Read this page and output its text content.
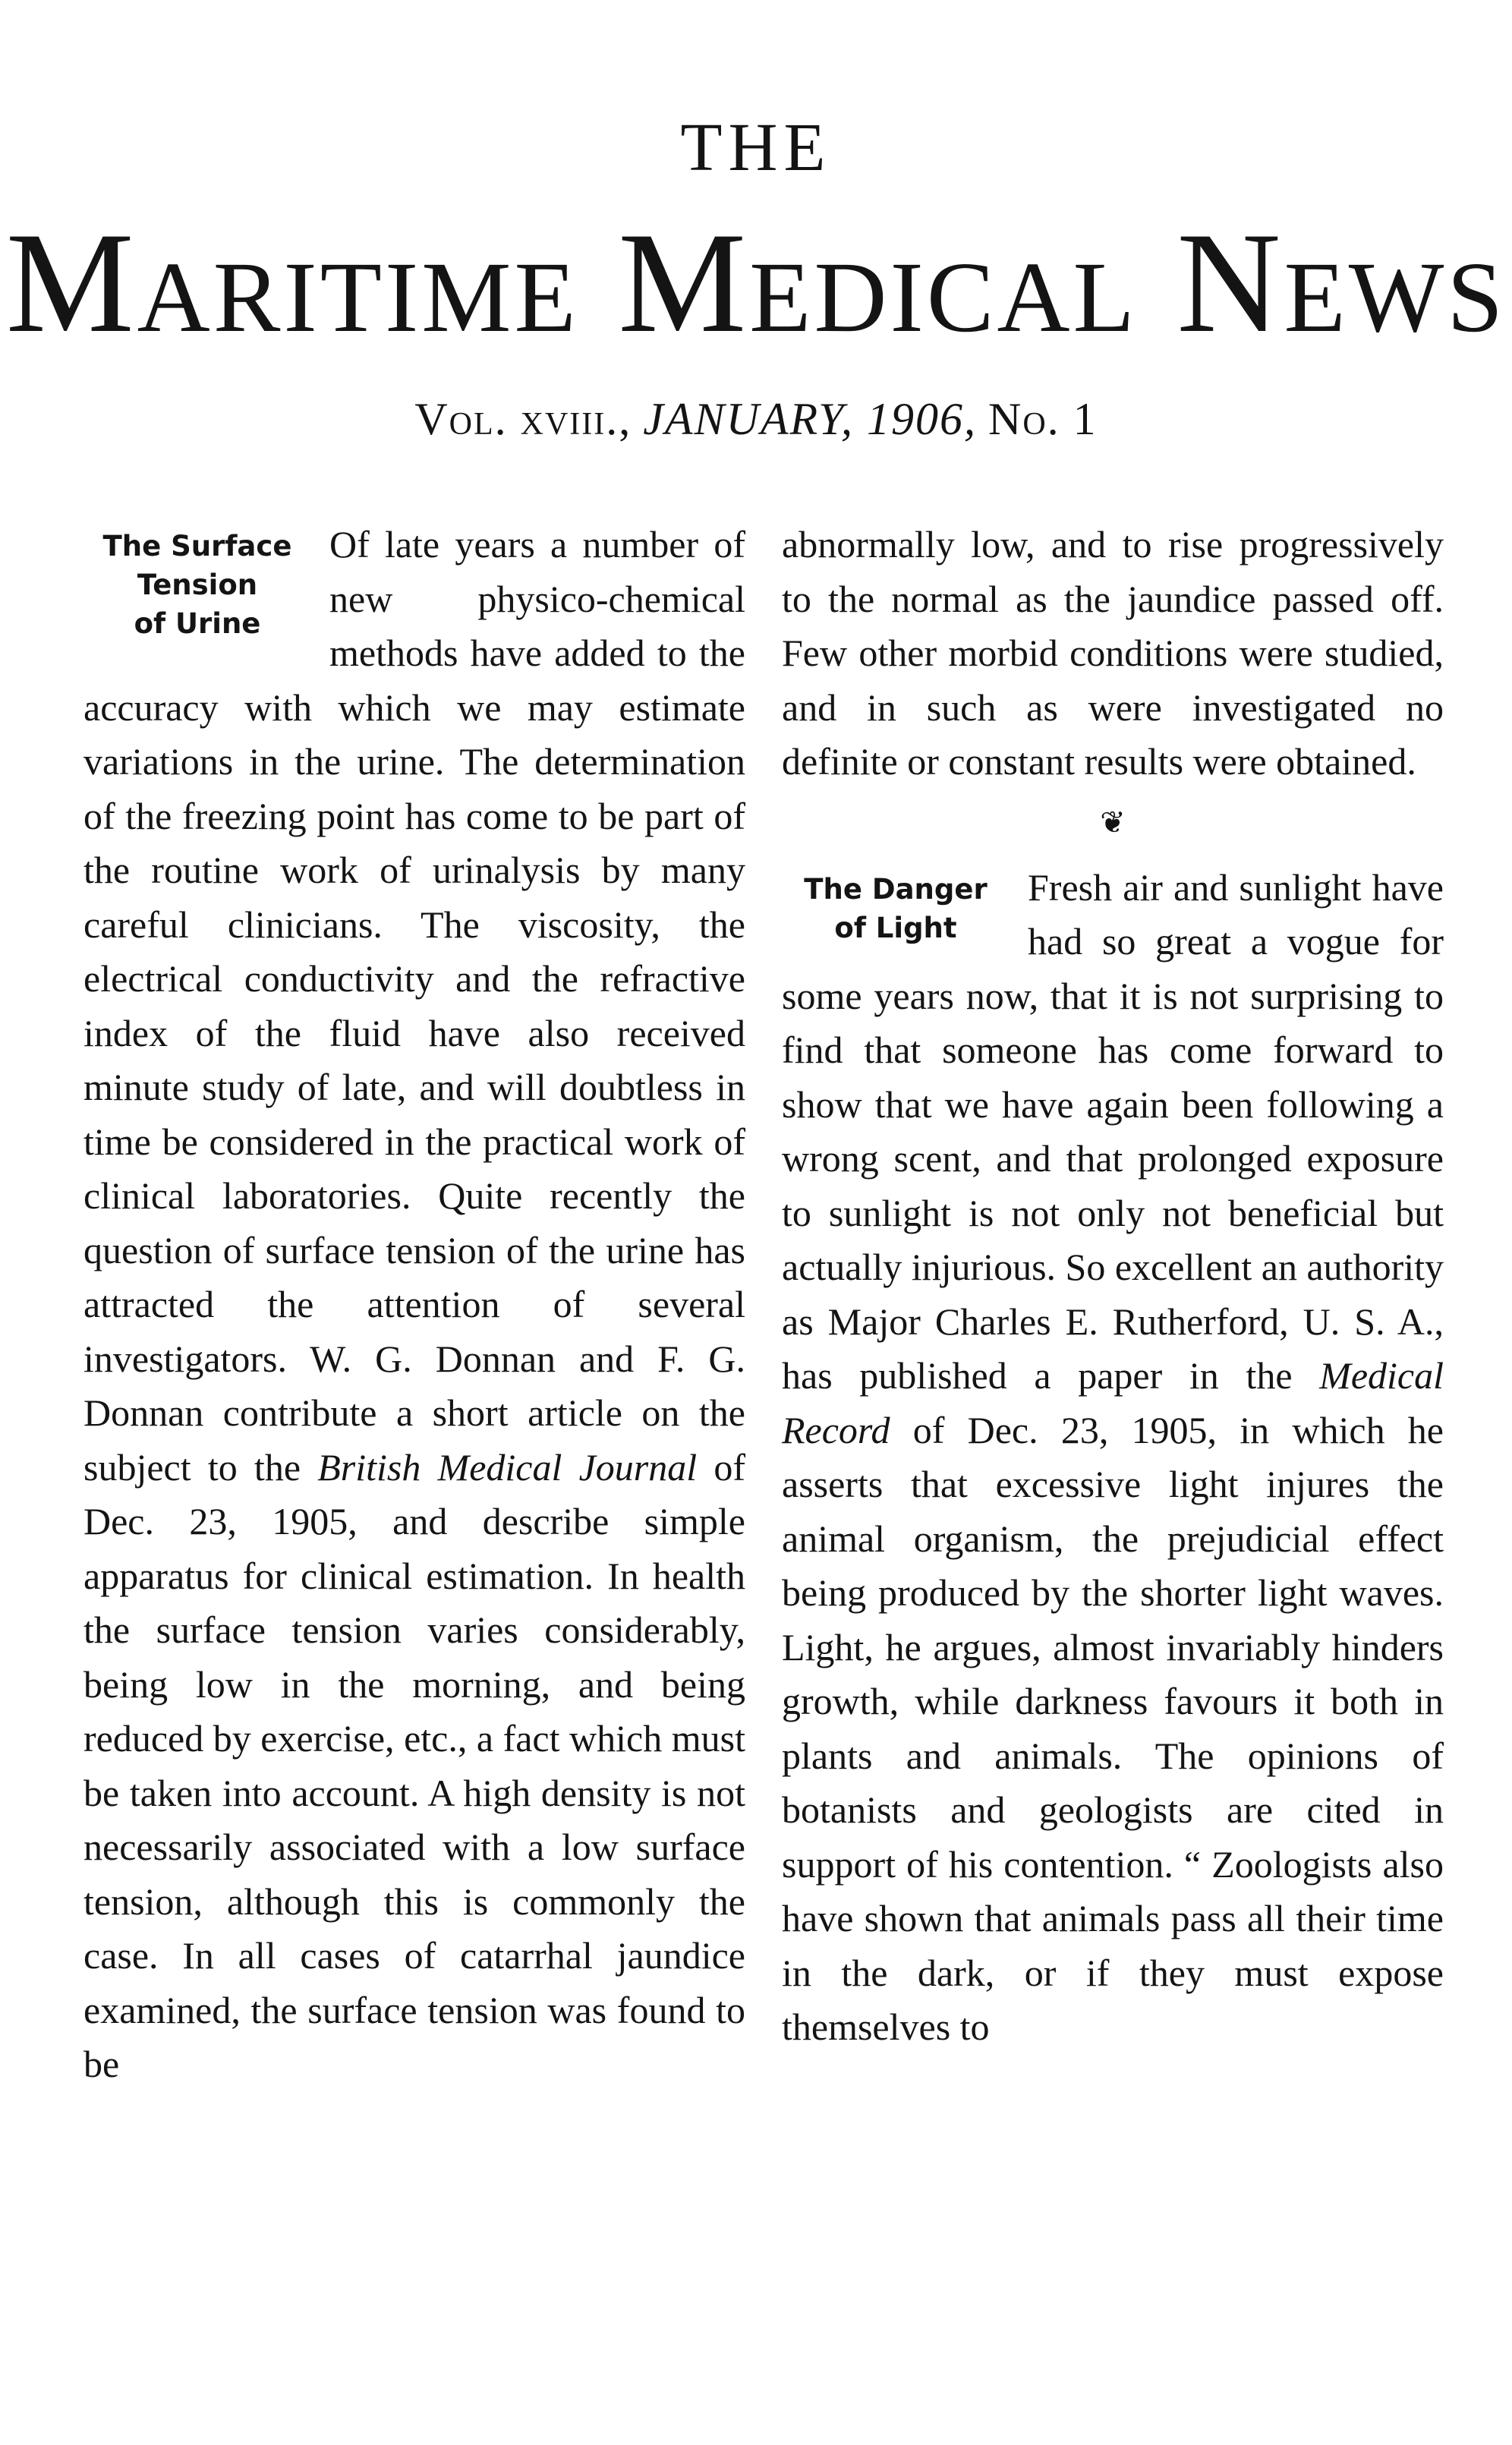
THE
Maritime Medical News
Vol. xviii., JANUARY, 1906, No. 1

The Surface
Tension
of Urine
Of late years a number of new physico-chemical methods have added to the accuracy with which we may estimate variations in the urine. The determination of the freezing point has come to be part of the routine work of urinalysis by many careful clinicians. The viscosity, the electrical conductivity and the refractive index of the fluid have also received minute study of late, and will doubtless in time be considered in the practical work of clinical laboratories. Quite recently the question of surface tension of the urine has attracted the attention of several investigators. W. G. Donnan and F. G. Donnan contribute a short article on the subject to the British Medical Journal of Dec. 23, 1905, and describe simple apparatus for clinical estimation. In health the surface tension varies considerably, being low in the morning, and being reduced by exercise, etc., a fact which must be taken into account. A high density is not necessarily associated with a low surface tension, although this is commonly the case. In all cases of catarrhal jaundice examined, the surface tension was found to be

abnormally low, and to rise progressively to the normal as the jaundice passed off. Few other morbid conditions were studied, and in such as were investigated no definite or constant results were obtained.

❦

The Danger
of Light
Fresh air and sunlight have had so great a vogue for some years now, that it is not surprising to find that someone has come forward to show that we have again been following a wrong scent, and that prolonged exposure to sunlight is not only not beneficial but actually injurious. So excellent an authority as Major Charles E. Rutherford, U. S. A., has published a paper in the Medical Record of Dec. 23, 1905, in which he asserts that excessive light injures the animal organism, the prejudicial effect being produced by the shorter light waves. Light, he argues, almost invariably hinders growth, while darkness favours it both in plants and animals. The opinions of botanists and geologists are cited in support of his contention. “ Zoologists also have shown that animals pass all their time in the dark, or if they must expose themselves to
